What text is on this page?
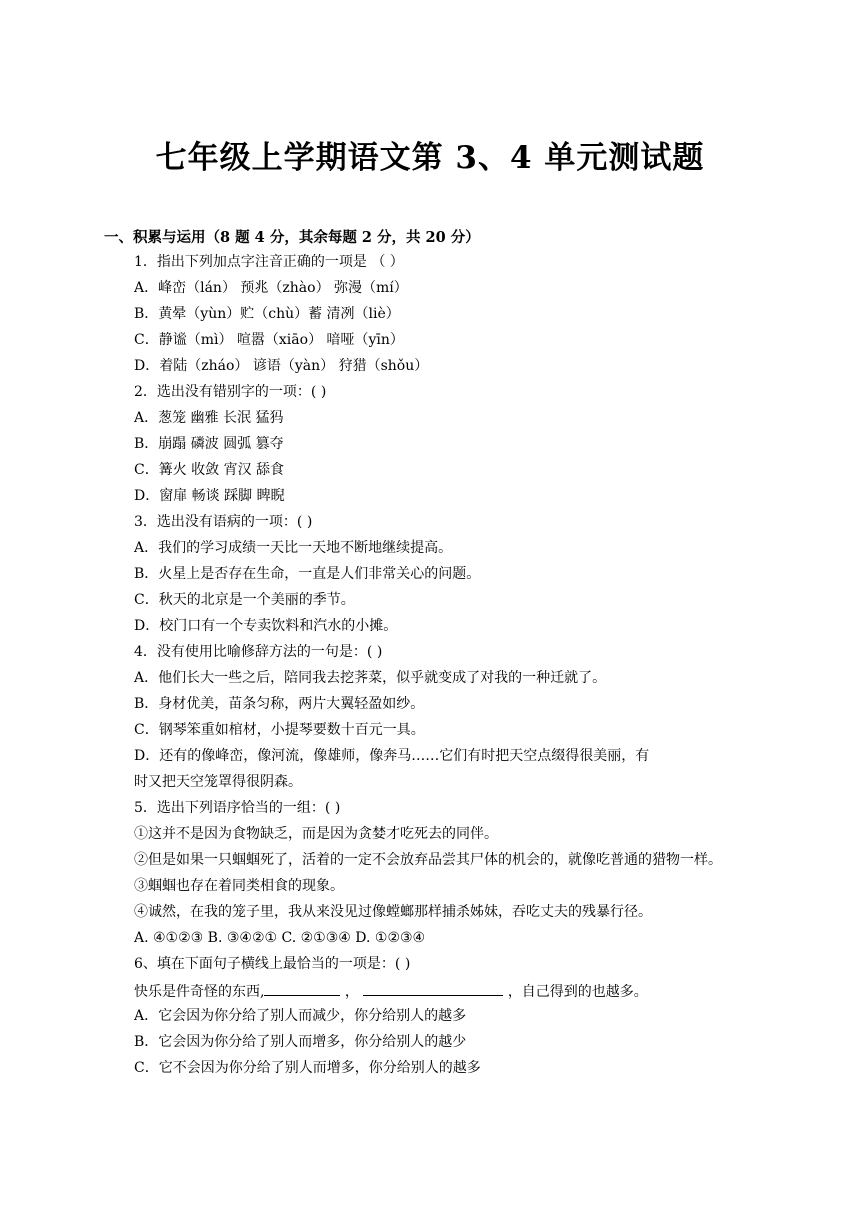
七年级上学期语文第 3、4 单元测试题
一、积累与运用（8 题 4 分，其余每题 2 分，共 20 分）
1．指出下列加点字注音正确的一项是 （ ）
A．峰峦（lán） 预兆（zhào） 弥漫（mí）
B．黄晕（yùn）贮（chù）蓄 清冽（liè）
C．静谧（mì） 喧嚣（xiāo） 喑哑（yīn）
D．着陆（zháo） 谚语（yàn） 狩猎（shǒu）
2．选出没有错别字的一项：( )
A．葱笼 幽雅 长泯 猛犸
B．崩蹋 磷波 圆弧 篡夺
C．篝火 收敛 宵汉 舔食
D．窗扉 畅谈 踩脚 睥睨
3．选出没有语病的一项：( )
A．我们的学习成绩一天比一天地不断地继续提高。
B．火星上是否存在生命，一直是人们非常关心的问题。
C．秋天的北京是一个美丽的季节。
D．校门口有一个专卖饮料和汽水的小摊。
4．没有使用比喻修辞方法的一句是：( )
A．他们长大一些之后，陪同我去挖荠菜，似乎就变成了对我的一种迁就了。
B．身材优美，苗条匀称，两片大翼轻盈如纱。
C．钢琴笨重如棺材，小提琴要数十百元一具。
D．还有的像峰峦，像河流，像雄师，像奔马……它们有时把天空点缀得很美丽，有
时又把天空笼罩得很阴森。
5．选出下列语序恰当的一组：( )
①这并不是因为食物缺乏，而是因为贪婪才吃死去的同伴。
②但是如果一只蝈蝈死了，活着的一定不会放弃品尝其尸体的机会的，就像吃普通的猎物一样。
③蝈蝈也存在着同类相食的现象。
④诚然，在我的笼子里，我从来没见过像螳螂那样捕杀姊妹，吞吃丈夫的残暴行径。
A. ④①②③ B. ③④②① C. ②①③④ D. ①②③④
6、填在下面句子横线上最恰当的一项是：( )
快乐是件奇怪的东西,	，	，自己得到的也越多。
A．它会因为你分给了别人而减少，你分给别人的越多
B．它会因为你分给了别人而增多，你分给别人的越少
C．它不会因为你分给了别人而增多，你分给别人的越多
